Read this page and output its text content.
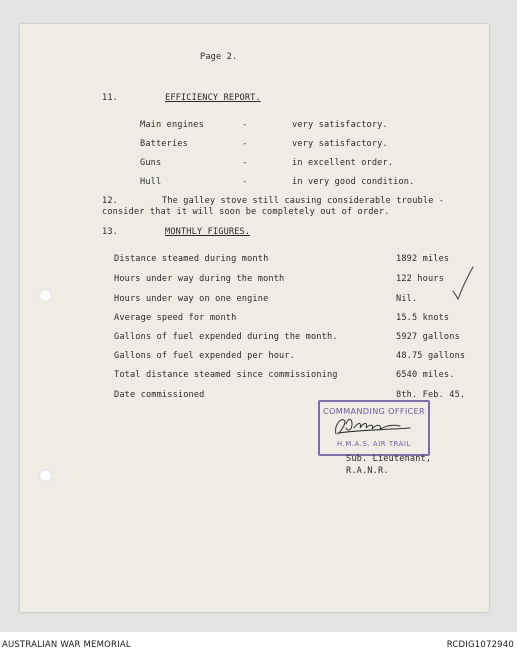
Page 2.
11.	EFFICIENCY REPORT.
Main engines	-	very satisfactory.
Batteries	-	very satisfactory.
Guns	-	in excellent order.
Hull	-	in very good condition.
12.	The galley stove still causing considerable trouble -
consider that it will soon be completely out of order.
13.	MONTHLY FIGURES.
Distance steamed during month	1892 miles
Hours under way during the month	122 hours
Hours under way on one engine	Nil.
Average speed for month	15.5 knots
Gallons of fuel expended during the month.	5927 gallons
Gallons of fuel expended per hour.	48.75 gallons
Total distance steamed since commissioning	6540 miles.
Date commissioned	8th. Feb. 45.
COMMANDING OFFICER
H.M.A.S. AIR TRAIL
Sub. Lieutenant,
R.A.N.R.
AUSTRALIAN WAR MEMORIAL	RCDIG1072940
